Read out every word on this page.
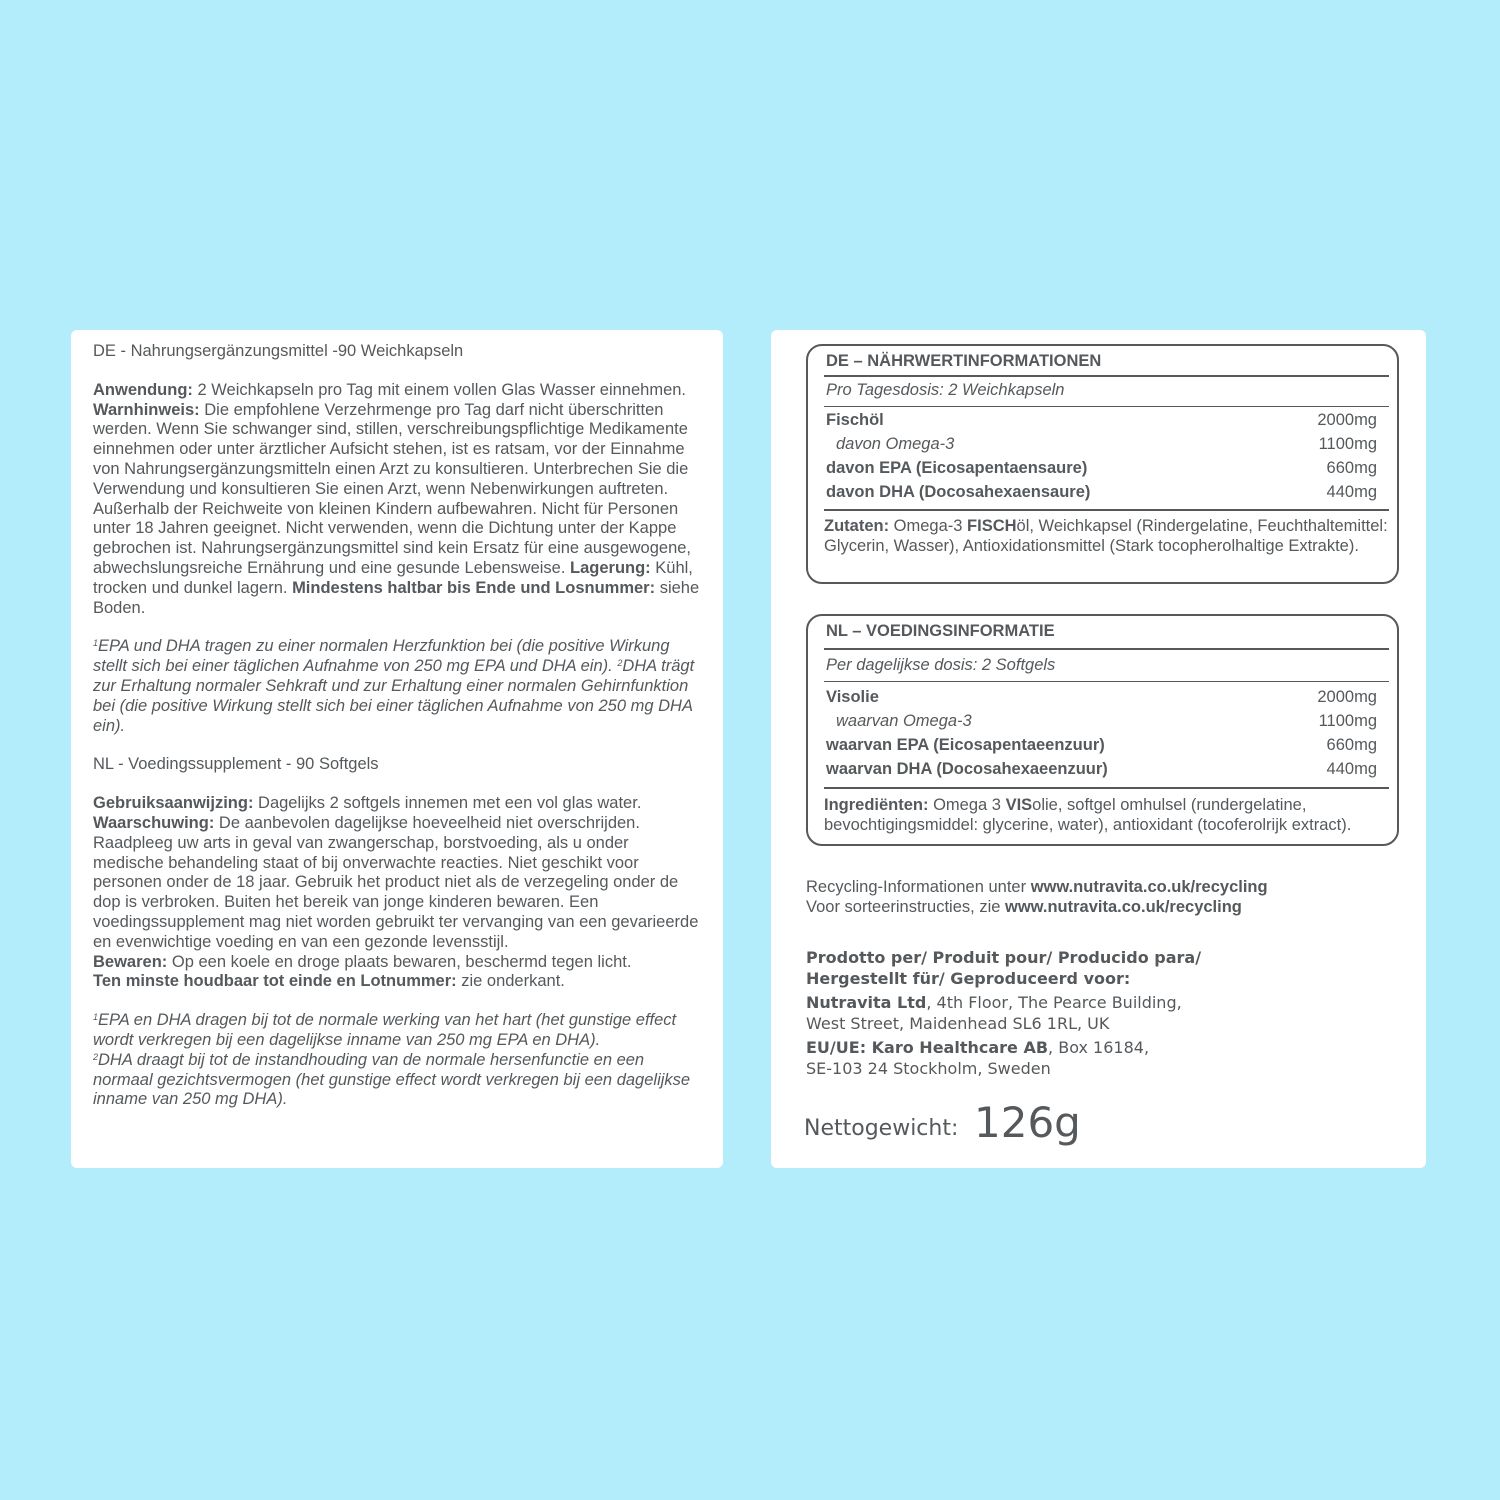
DE - Nahrungsergänzungsmittel -90 Weichkapseln

Anwendung: 2 Weichkapseln pro Tag mit einem vollen Glas Wasser einnehmen. Warnhinweis: Die empfohlene Verzehrmenge pro Tag darf nicht überschritten werden. Wenn Sie schwanger sind, stillen, verschreibungspflichtige Medikamente einnehmen oder unter ärztlicher Aufsicht stehen, ist es ratsam, vor der Einnahme von Nahrungsergänzungsmitteln einen Arzt zu konsultieren. Unterbrechen Sie die Verwendung und konsultieren Sie einen Arzt, wenn Nebenwirkungen auftreten. Außerhalb der Reichweite von kleinen Kindern aufbewahren. Nicht für Personen unter 18 Jahren geeignet. Nicht verwenden, wenn die Dichtung unter der Kappe gebrochen ist. Nahrungsergänzungsmittel sind kein Ersatz für eine ausgewogene, abwechslungsreiche Ernährung und eine gesunde Lebensweise. Lagerung: Kühl, trocken und dunkel lagern. Mindestens haltbar bis Ende und Losnummer: siehe Boden.

$^1$EPA und DHA tragen zu einer normalen Herzfunktion bei (die positive Wirkung stellt sich bei einer täglichen Aufnahme von 250 mg EPA und DHA ein). $^2$DHA trägt zur Erhaltung normaler Sehkraft und zur Erhaltung einer normalen Gehirnfunktion bei (die positive Wirkung stellt sich bei einer täglichen Aufnahme von 250 mg DHA ein).

NL - Voedingssupplement - 90 Softgels

Gebruiksaanwijzing: Dagelijks 2 softgels innemen met een vol glas water.
Waarschuwing: De aanbevolen dagelijkse hoeveelheid niet overschrijden. Raadpleeg uw arts in geval van zwangerschap, borstvoeding, als u onder medische behandeling staat of bij onverwachte reacties. Niet geschikt voor personen onder de 18 jaar. Gebruik het product niet als de verzegeling onder de dop is verbroken. Buiten het bereik van jonge kinderen bewaren. Een voedingssupplement mag niet worden gebruikt ter vervanging van een gevarieerde en evenwichtige voeding en van een gezonde levensstijl.
Bewaren: Op een koele en droge plaats bewaren, beschermd tegen licht.
Ten minste houdbaar tot einde en Lotnummer: zie onderkant.

$^1$EPA en DHA dragen bij tot de normale werking van het hart (het gunstige effect wordt verkregen bij een dagelijkse inname van 250 mg EPA en DHA).
$^2$DHA draagt bij tot de instandhouding van de normale hersenfunctie en een normaal gezichtsvermogen (het gunstige effect wordt verkregen bij een dagelijkse inname van 250 mg DHA).

DE – NÄHRWERTINFORMATIONEN
Pro Tagesdosis: 2 Weichkapseln
Fischöl	2000mg
davon Omega-3	1100mg
davon EPA (Eicosapentaensaure)	660mg
davon DHA (Docosahexaensaure)	440mg
Zutaten: Omega-3 FISCHöl, Weichkapsel (Rindergelatine, Feuchthaltemittel: Glycerin, Wasser), Antioxidationsmittel (Stark tocopherolhaltige Extrakte).
NL – VOEDINGSINFORMATIE
Per dagelijkse dosis: 2 Softgels
Visolie	2000mg
waarvan Omega-3	1100mg
waarvan EPA (Eicosapentaeenzuur)	660mg
waarvan DHA (Docosahexaeenzuur)	440mg
Ingrediënten: Omega 3 VISolie, softgel omhulsel (rundergelatine, bevochtigingsmiddel: glycerine, water), antioxidant (tocoferolrijk extract).
Recycling-Informationen unter www.nutravita.co.uk/recycling
Voor sorteerinstructies, zie www.nutravita.co.uk/recycling
Prodotto per/ Produit pour/ Producido para/
Hergestellt für/ Geproduceerd voor:

Nutravita Ltd, 4th Floor, The Pearce Building,
West Street, Maidenhead SL6 1RL, UK

EU/UE: Karo Healthcare AB, Box 16184,
SE-103 24 Stockholm, Sweden
Nettogewicht: 126g
